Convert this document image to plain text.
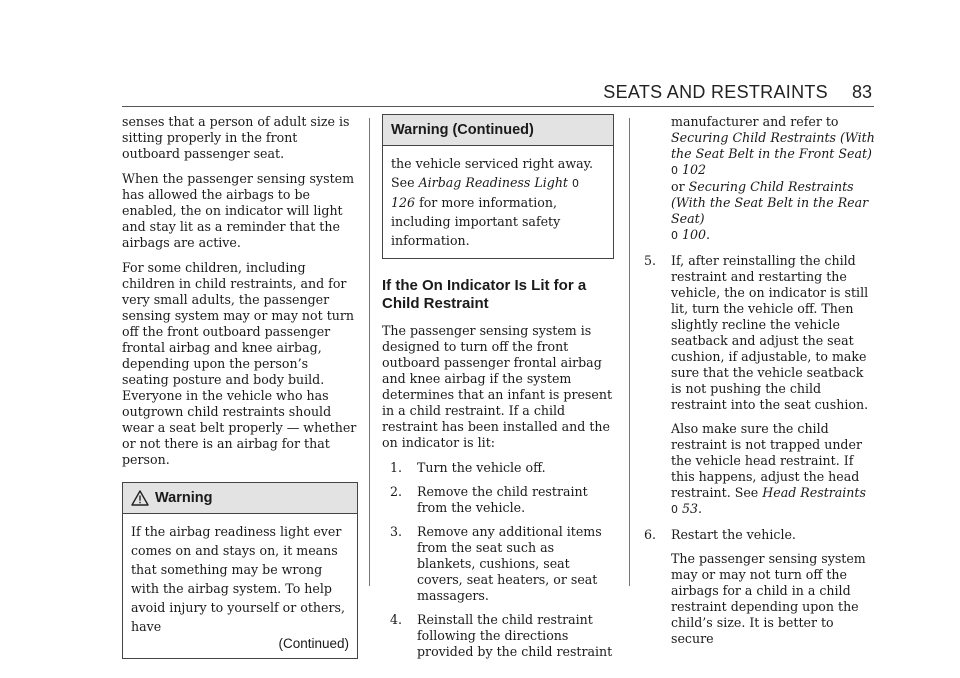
SEATS AND RESTRAINTS 83

senses that a person of adult size is sitting properly in the front outboard passenger seat.

When the passenger sensing system has allowed the airbags to be enabled, the on indicator will light and stay lit as a reminder that the airbags are active.

For some children, including children in child restraints, and for very small adults, the passenger sensing system may or may not turn off the front outboard passenger frontal airbag and knee airbag, depending upon the person’s seating posture and body build. Everyone in the vehicle who has outgrown child restraints should wear a seat belt properly — whether or not there is an airbag for that person.

Warning
If the airbag readiness light ever comes on and stays on, it means that something may be wrong with the airbag system. To help avoid injury to yourself or others, have
(Continued)
Warning (Continued)
the vehicle serviced right away. See Airbag Readiness Light 0 126 for more information, including important safety information.
If the On Indicator Is Lit for a Child Restraint

The passenger sensing system is designed to turn off the front outboard passenger frontal airbag and knee airbag if the system determines that an infant is present in a child restraint. If a child restraint has been installed and the on indicator is lit:

1.	Turn the vehicle off.
2.	Remove the child restraint from the vehicle.
3.	Remove any additional items from the seat such as blankets, cushions, seat covers, seat heaters, or seat massagers.
4.	Reinstall the child restraint following the directions provided by the child restraint
manufacturer and refer to Securing Child Restraints (With the Seat Belt in the Front Seat) 0 102
or Securing Child Restraints (With the Seat Belt in the Rear Seat)
0 100.
5.	If, after reinstalling the child restraint and restarting the vehicle, the on indicator is still lit, turn the vehicle off. Then slightly recline the vehicle seatback and adjust the seat cushion, if adjustable, to make sure that the vehicle seatback is not pushing the child restraint into the seat cushion.
Also make sure the child restraint is not trapped under the vehicle head restraint. If this happens, adjust the head restraint. See Head Restraints
0 53.
6.	Restart the vehicle.
The passenger sensing system may or may not turn off the airbags for a child in a child restraint depending upon the child’s size. It is better to secure
